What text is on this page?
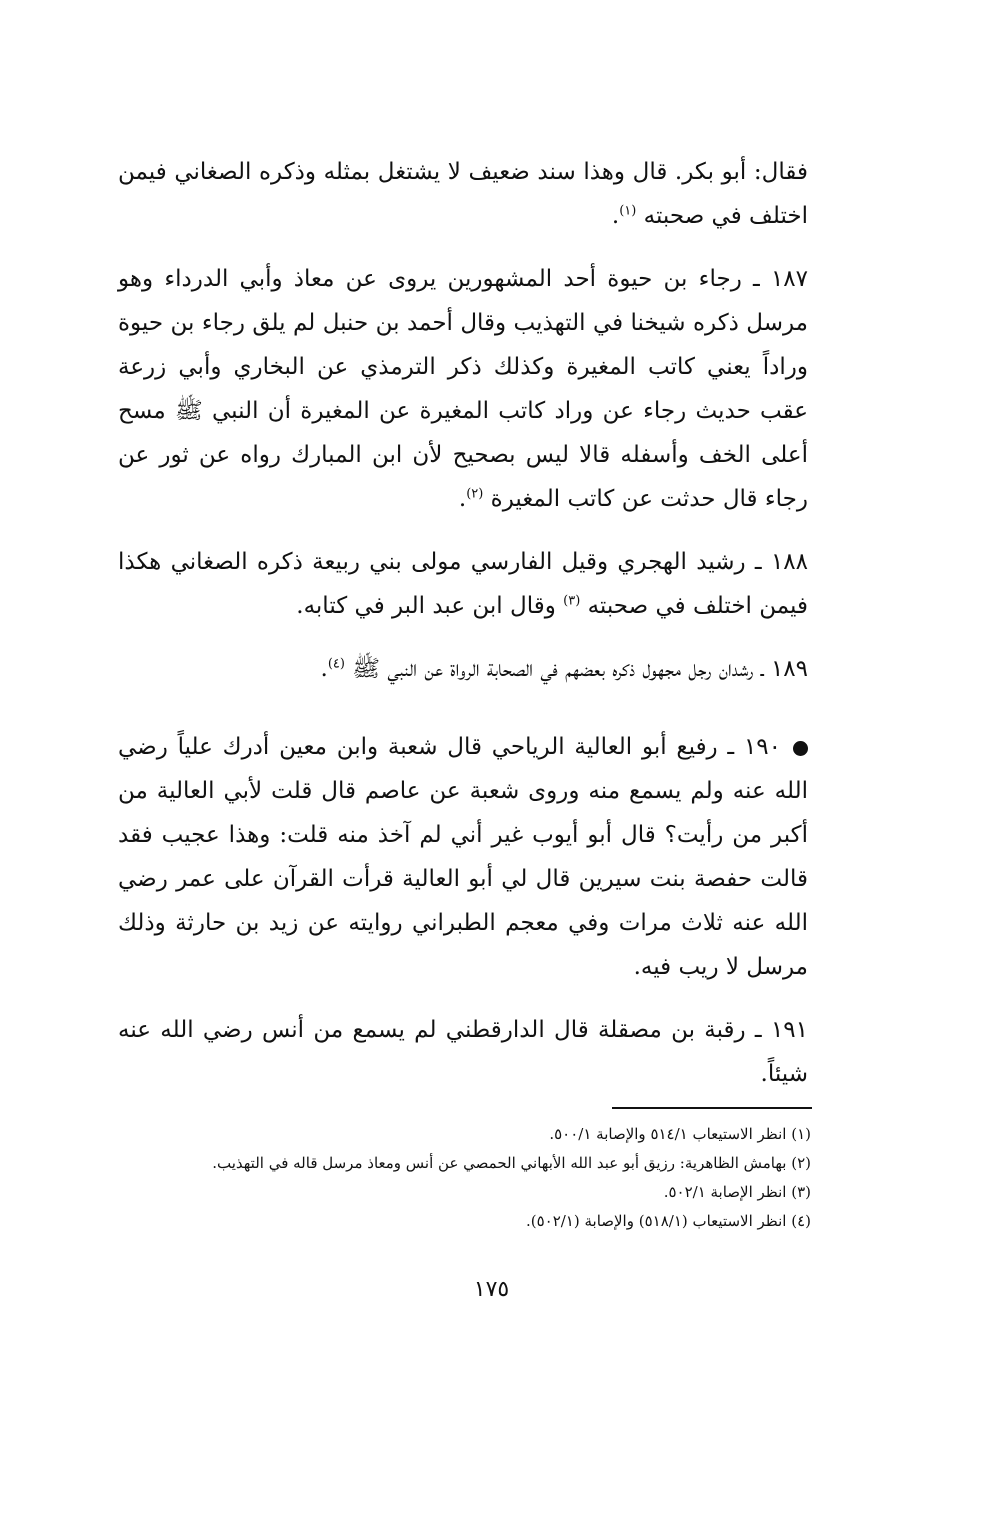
فقال: أبو بكر. قال وهذا سند ضعيف لا يشتغل بمثله وذكره الصغاني فيمن اختلف في صحبته $^{(١)}$.

١٨٧ ـ رجاء بن حيوة أحد المشهورين يروى عن معاذ وأبي الدرداء وهو مرسل ذكره شيخنا في التهذيب وقال أحمد بن حنبل لم يلق رجاء بن حيوة وراداً يعني كاتب المغيرة وكذلك ذكر الترمذي عن البخاري وأبي زرعة عقب حديث رجاء عن وراد كاتب المغيرة عن المغيرة أن النبي ﷺ مسح أعلى الخف وأسفله قالا ليس بصحيح لأن ابن المبارك رواه عن ثور عن رجاء قال حدثت عن كاتب المغيرة $^{(٢)}$.

١٨٨ ـ رشيد الهجري وقيل الفارسي مولى بني ربيعة ذكره الصغاني هكذا فيمن اختلف في صحبته $^{(٣)}$ وقال ابن عبد البر في كتابه.

١٨٩ ـ رشدان رجل مجهول ذكره بعضهم في الصحابة الرواة عن النبي ﷺ $^{(٤)}$.

١٩٠ ـ رفيع أبو العالية الرياحي قال شعبة وابن معين أدرك علياً رضي الله عنه ولم يسمع منه وروى شعبة عن عاصم قال قلت لأبي العالية من أكبر من رأيت؟ قال أبو أيوب غير أني لم آخذ منه قلت: وهذا عجيب فقد قالت حفصة بنت سيرين قال لي أبو العالية قرأت القرآن على عمر رضي الله عنه ثلاث مرات وفي معجم الطبراني روايته عن زيد بن حارثة وذلك مرسل لا ريب فيه.

١٩١ ـ رقبة بن مصقلة قال الدارقطني لم يسمع من أنس رضي الله عنه شيئاً.

(١) انظر الاستيعاب ٥١٤/١ والإصابة ٥٠٠/١.

(٢) بهامش الظاهرية: رزيق أبو عبد الله الأبهاني الحمصي عن أنس ومعاذ مرسل قاله في التهذيب.

(٣) انظر الإصابة ٥٠٢/١.

(٤) انظر الاستيعاب (٥١٨/١) والإصابة (٥٠٢/١).

١٧٥
